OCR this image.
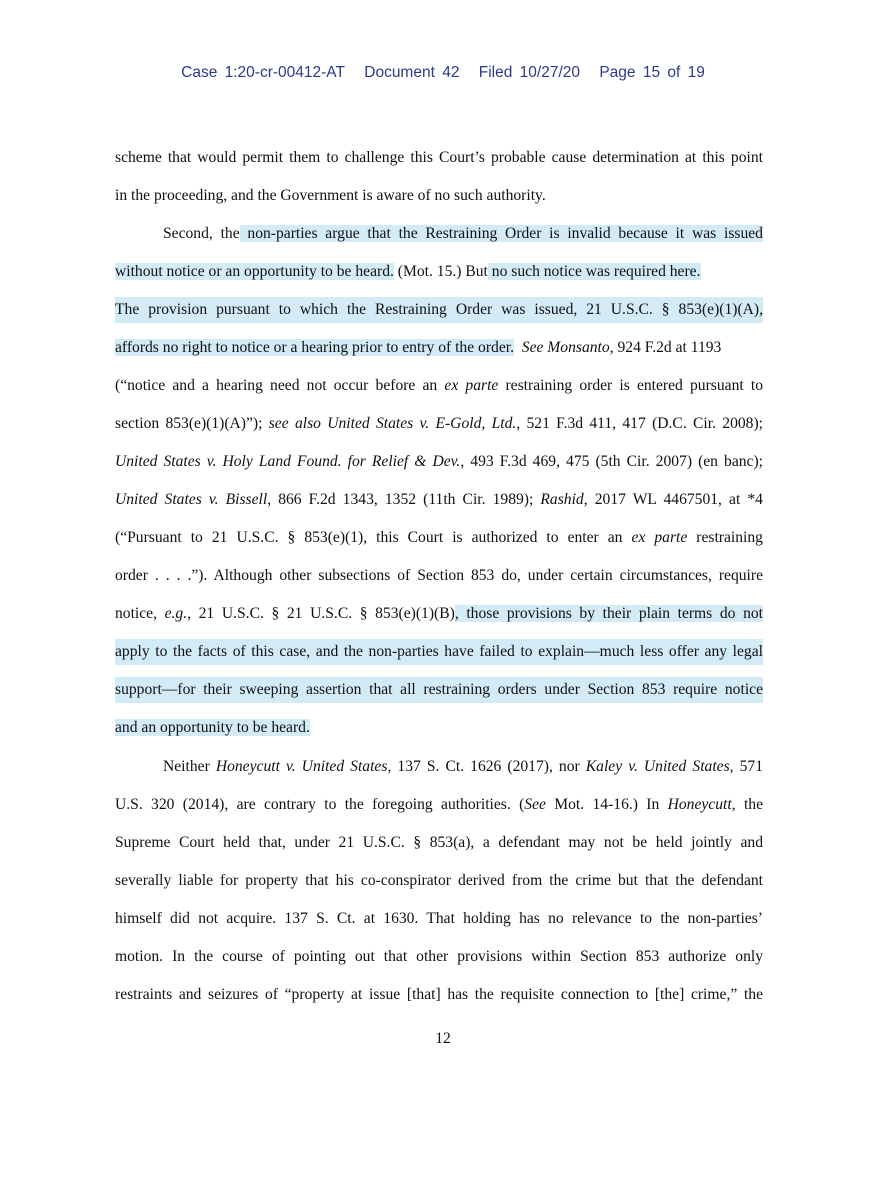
Case 1:20-cr-00412-AT Document 42 Filed 10/27/20 Page 15 of 19
scheme that would permit them to challenge this Court’s probable cause determination at this point
in the proceeding, and the Government is aware of no such authority.
Second, the non-parties argue that the Restraining Order is invalid because it was issued
without notice or an opportunity to be heard. (Mot. 15.) But no such notice was required here.
The provision pursuant to which the Restraining Order was issued, 21 U.S.C. § 853(e)(1)(A),
affords no right to notice or a hearing prior to entry of the order. See Monsanto, 924 F.2d at 1193
(“notice and a hearing need not occur before an ex parte restraining order is entered pursuant to
section 853(e)(1)(A)”); see also United States v. E-Gold, Ltd., 521 F.3d 411, 417 (D.C. Cir. 2008);
United States v. Holy Land Found. for Relief & Dev., 493 F.3d 469, 475 (5th Cir. 2007) (en banc);
United States v. Bissell, 866 F.2d 1343, 1352 (11th Cir. 1989); Rashid, 2017 WL 4467501, at *4
(“Pursuant to 21 U.S.C. § 853(e)(1), this Court is authorized to enter an ex parte restraining
order . . . .”). Although other subsections of Section 853 do, under certain circumstances, require
notice, e.g., 21 U.S.C. § 21 U.S.C. § 853(e)(1)(B), those provisions by their plain terms do not
apply to the facts of this case, and the non-parties have failed to explain—much less offer any legal
support—for their sweeping assertion that all restraining orders under Section 853 require notice
and an opportunity to be heard.
Neither Honeycutt v. United States, 137 S. Ct. 1626 (2017), nor Kaley v. United States, 571
U.S. 320 (2014), are contrary to the foregoing authorities. (See Mot. 14-16.) In Honeycutt, the
Supreme Court held that, under 21 U.S.C. § 853(a), a defendant may not be held jointly and
severally liable for property that his co-conspirator derived from the crime but that the defendant
himself did not acquire. 137 S. Ct. at 1630. That holding has no relevance to the non-parties’
motion. In the course of pointing out that other provisions within Section 853 authorize only
restraints and seizures of “property at issue [that] has the requisite connection to [the] crime,” the
12
